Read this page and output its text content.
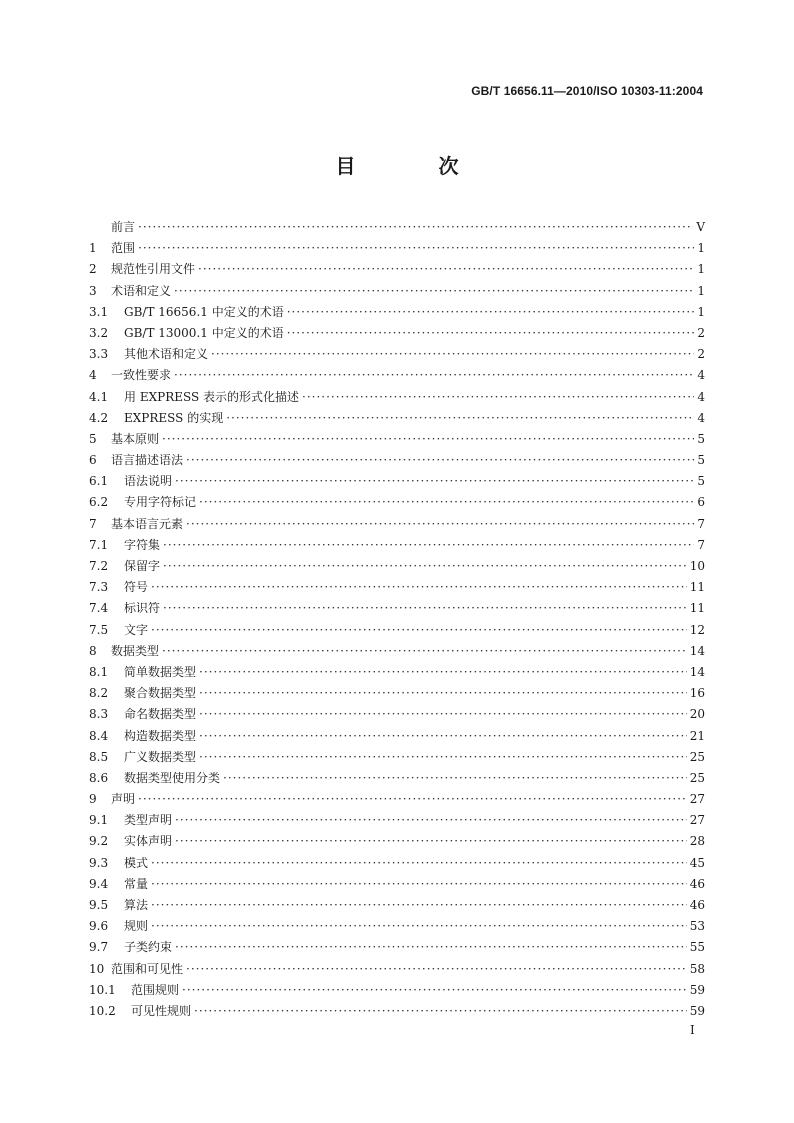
GB/T 16656.11—2010/ISO 10303-11:2004
目 次
前言 ·····	V
1	范围 ·····	1
2	规范性引用文件 ·····	1
3	术语和定义 ·····	1
3.1	GB/T 16656.1 中定义的术语 ·····	1
3.2	GB/T 13000.1 中定义的术语 ·····	2
3.3	其他术语和定义 ·····	2
4	一致性要求 ·····	4
4.1	用 EXPRESS 表示的形式化描述 ·····	4
4.2	EXPRESS 的实现 ·····	4
5	基本原则 ·····	5
6	语言描述语法 ·····	5
6.1	语法说明 ·····	5
6.2	专用字符标记 ·····	6
7	基本语言元素 ·····	7
7.1	字符集 ·····	7
7.2	保留字 ·····	10
7.3	符号 ·····	11
7.4	标识符 ·····	11
7.5	文字 ·····	12
8	数据类型 ·····	14
8.1	简单数据类型 ·····	14
8.2	聚合数据类型 ·····	16
8.3	命名数据类型 ·····	20
8.4	构造数据类型 ·····	21
8.5	广义数据类型 ·····	25
8.6	数据类型使用分类 ·····	25
9	声明 ·····	27
9.1	类型声明 ·····	27
9.2	实体声明 ·····	28
9.3	模式 ·····	45
9.4	常量 ·····	46
9.5	算法 ·····	46
9.6	规则 ·····	53
9.7	子类约束 ·····	55
10 范围和可见性 ·····	58
10.1	范围规则 ·····	59
10.2	可见性规则 ·····	59
I
